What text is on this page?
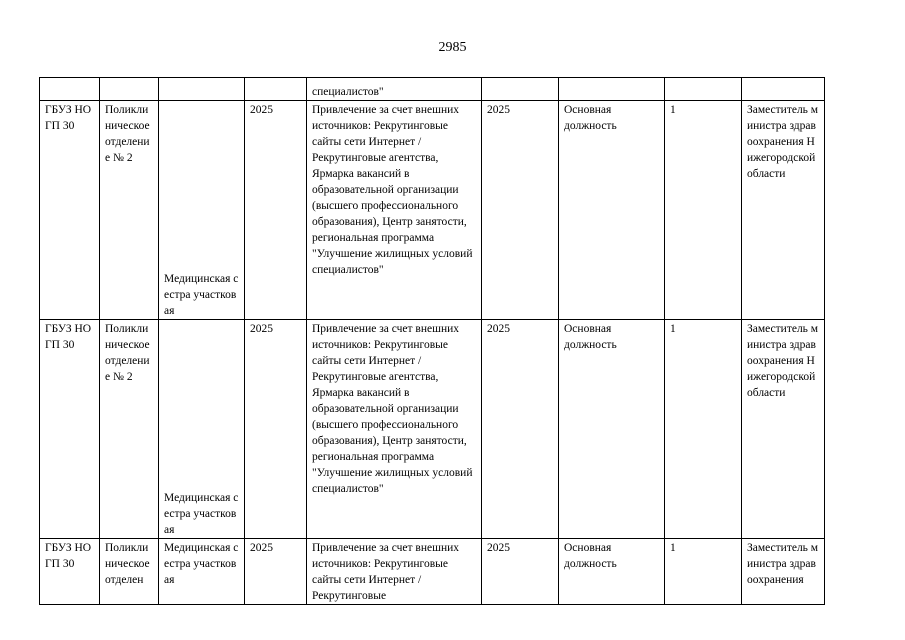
2985
				специалистов"				
ГБУЗ НО ГП 30	Поликлиническое отделение № 2	Медицинская сестра участковая	2025	Привлечение за счет внешних источников: Рекрутинговые сайты сети Интернет / Рекрутинговые агентства, Ярмарка вакансий в образовательной организации (высшего профессионального образования), Центр занятости, региональная программа "Улучшение жилищных условий специалистов"	2025	Основная должность	1	Заместитель министра здравоохранения Нижегородской области
ГБУЗ НО ГП 30	Поликлиническое отделение № 2	Медицинская сестра участковая	2025	Привлечение за счет внешних источников: Рекрутинговые сайты сети Интернет / Рекрутинговые агентства, Ярмарка вакансий в образовательной организации (высшего профессионального образования), Центр занятости, региональная программа "Улучшение жилищных условий специалистов"	2025	Основная должность	1	Заместитель министра здравоохранения Нижегородской области
ГБУЗ НО ГП 30	Поликлиническое отделен	Медицинская сестра участковая	2025	Привлечение за счет внешних источников: Рекрутинговые сайты сети Интернет / Рекрутинговые	2025	Основная должность	1	Заместитель министра здравоохранения
